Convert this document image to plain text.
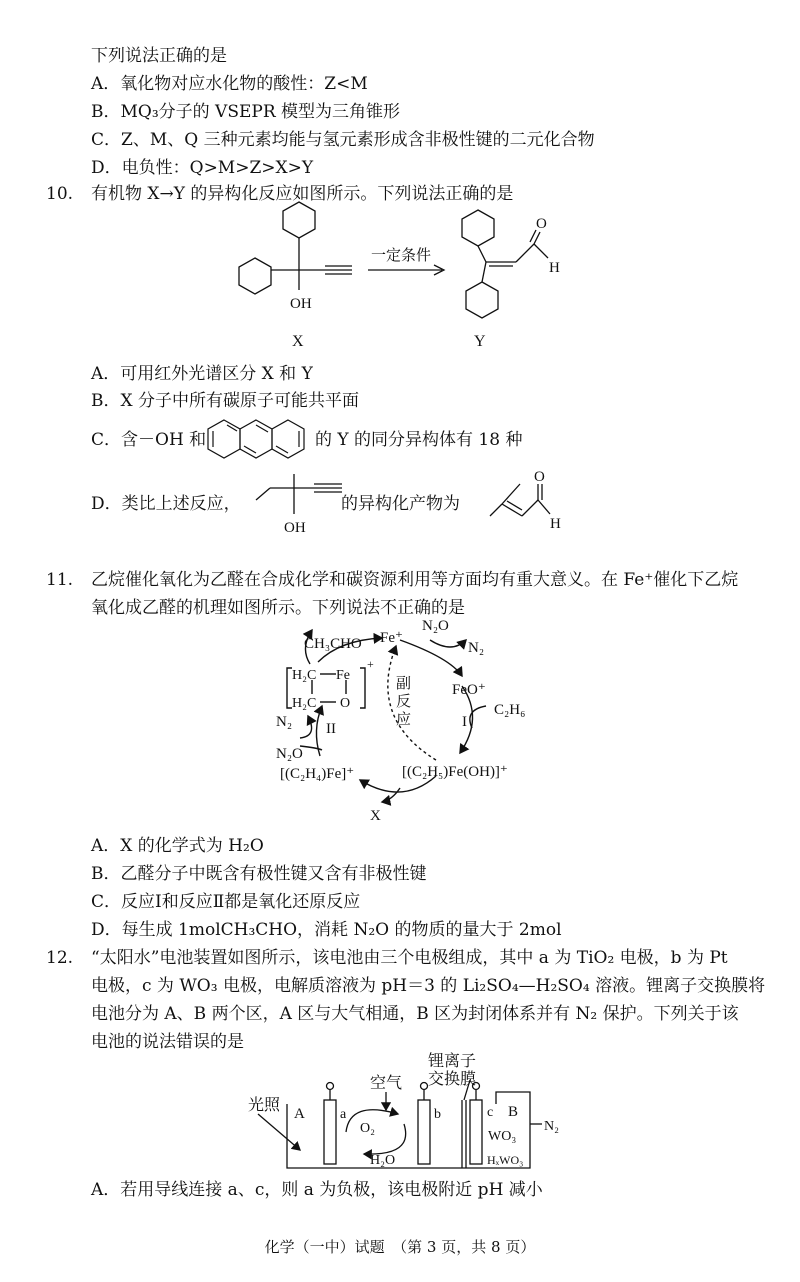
下列说法正确的是
A．氧化物对应水化物的酸性：Z<M
B．MQ₃分子的 VSEPR 模型为三角锥形
C．Z、M、Q 三种元素均能与氢元素形成含非极性键的二元化合物
D．电负性：Q>M>Z>X>Y
10. 有机物 X→Y 的异构化反应如图所示。下列说法正确的是
一定条件
OH
X	Y
O
H
A．可用红外光谱区分 X 和 Y
B．X 分子中所有碳原子可能共平面
C．含－OH 和	的 Y 的同分异构体有 18 种
D．类比上述反应，
OH
的异构化产物为
O
H
11. 乙烷催化氧化为乙醛在合成化学和碳资源利用等方面均有重大意义。在 Fe⁺催化下乙烷
氧化成乙醛的机理如图所示。下列说法不正确的是
CH₃CHO Fe⁺
N₂O
N₂
FeO⁺
C₂H₆
I
II
副
反
应
[(C₂H₅)Fe(OH)]⁺
[(C₂H₄)Fe]⁺
N₂
N₂O
X
H₂C Fe
H₂C O
+
A．X 的化学式为 H₂O
B．乙醛分子中既含有极性键又含有非极性键
C．反应Ⅰ和反应Ⅱ都是氧化还原反应
D．每生成 1molCH₃CHO，消耗 N₂O 的物质的量大于 2mol
12. “太阳水”电池装置如图所示，该电池由三个电极组成，其中 a 为 TiO₂ 电极，b 为 Pt
电极，c 为 WO₃ 电极，电解质溶液为 pH＝3 的 Li₂SO₄—H₂SO₄ 溶液。锂离子交换膜将
电池分为 A、B 两个区，A 区与大气相通，B 区为封闭体系并有 N₂ 保护。下列关于该
电池的说法错误的是
锂离子
交换膜
空气
光照 A	B
a	b	c
O₂
H₂O
WO₃
HₓWO₃
N₂
A．若用导线连接 a、c，则 a 为负极，该电极附近 pH 减小
化学（一中）试题　（第 3 页，共 8 页）
